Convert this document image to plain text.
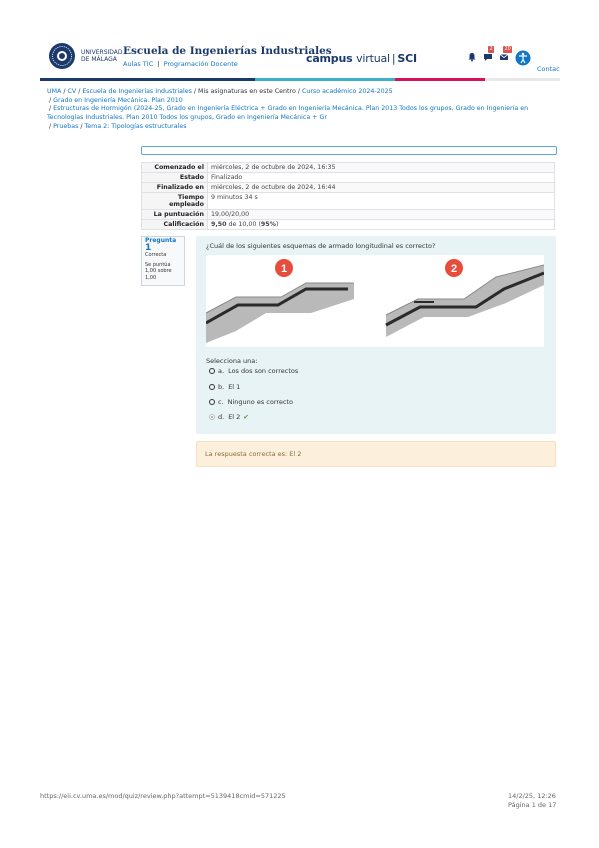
UNIVERSIDAD
DE MÁLAGA
Escuela de Ingenierías Industriales
Aulas TIC | Programación Docente	campus virtual | SCI
2	20
Contac
UMA / CV / Escuela de Ingenierías Industriales / Mis asignaturas en este Centro / Curso académico 2024-2025
/ Grado en Ingeniería Mecánica. Plan 2010
/ Estructuras de Hormigón (2024-25, Grado en Ingeniería Eléctrica + Grado en Ingeniería Mecánica. Plan 2013 Todos los grupos, Grado en Ingeniería en Tecnologías Industriales. Plan 2010 Todos los grupos, Grado en Ingeniería Mecánica + Gr
/ Pruebas / Tema 2: Tipologías estructurales
Comenzado el	miércoles, 2 de octubre de 2024, 16:35
Estado	Finalizado
Finalizado en	miércoles, 2 de octubre de 2024, 16:44
Tiempo empleado	9 minutos 34 s
La puntuación	19,00/20,00
Calificación	9,50 de 10,00 (95%)
Pregunta 1
Correcta
Se puntúa
1,00 sobre
1,00
¿Cuál de los siguientes esquemas de armado longitudinal es correcto?
1	2
Selecciona una:
a. Los dos son correctos
b. El 1
c. Ninguno es correcto
d. El 2 ✔
La respuesta correcta es: El 2
https://eii.cv.uma.es/mod/quiz/review.php?attempt=5139418cmid=571225	14/2/25, 12:26
Página 1 de 17
